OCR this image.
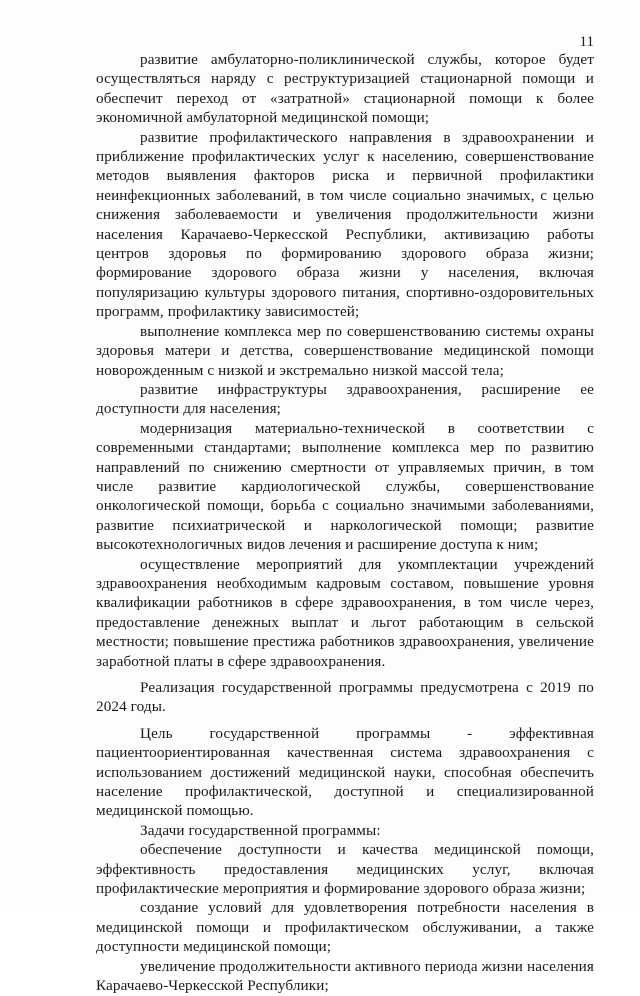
11

развитие амбулаторно-поликлинической службы, которое будет осуществляться наряду с реструктуризацией стационарной помощи и обеспечит переход от «затратной» стационарной помощи к более экономичной амбулаторной медицинской помощи;

развитие профилактического направления в здравоохранении и приближение профилактических услуг к населению, совершенствование методов выявления факторов риска и первичной профилактики неинфекционных заболеваний, в том числе социально значимых, с целью снижения заболеваемости и увеличения продолжительности жизни населения Карачаево-Черкесской Республики, активизацию работы центров здоровья по формированию здорового образа жизни; формирование здорового образа жизни у населения, включая популяризацию культуры здорового питания, спортивно-оздоровительных программ, профилактику зависимостей;

выполнение комплекса мер по совершенствованию системы охраны здоровья матери и детства, совершенствование медицинской помощи новорожденным с низкой и экстремально низкой массой тела;

развитие инфраструктуры здравоохранения, расширение ее доступности для населения;

модернизация материально-технической в соответствии с современными стандартами; выполнение комплекса мер по развитию направлений по снижению смертности от управляемых причин, в том числе развитие кардиологической службы, совершенствование онкологической помощи, борьба с социально значимыми заболеваниями, развитие психиатрической и наркологической помощи; развитие высокотехнологичных видов лечения и расширение доступа к ним;

осуществление мероприятий для укомплектации учреждений здравоохранения необходимым кадровым составом, повышение уровня квалификации работников в сфере здравоохранения, в том числе через, предоставление денежных выплат и льгот работающим в сельской местности; повышение престижа работников здравоохранения, увеличение заработной платы в сфере здравоохранения.

Реализация государственной программы предусмотрена с 2019 по 2024 годы.

Цель государственной программы - эффективная пациентоориентированная качественная система здравоохранения с использованием достижений медицинской науки, способная обеспечить население профилактической, доступной и специализированной медицинской помощью.

Задачи государственной программы:

обеспечение доступности и качества медицинской помощи, эффективность предоставления медицинских услуг, включая профилактические мероприятия и формирование здорового образа жизни;

создание условий для удовлетворения потребности населения в медицинской помощи и профилактическом обслуживании, а также доступности медицинской помощи;

увеличение продолжительности активного периода жизни населения Карачаево-Черкесской Республики;
